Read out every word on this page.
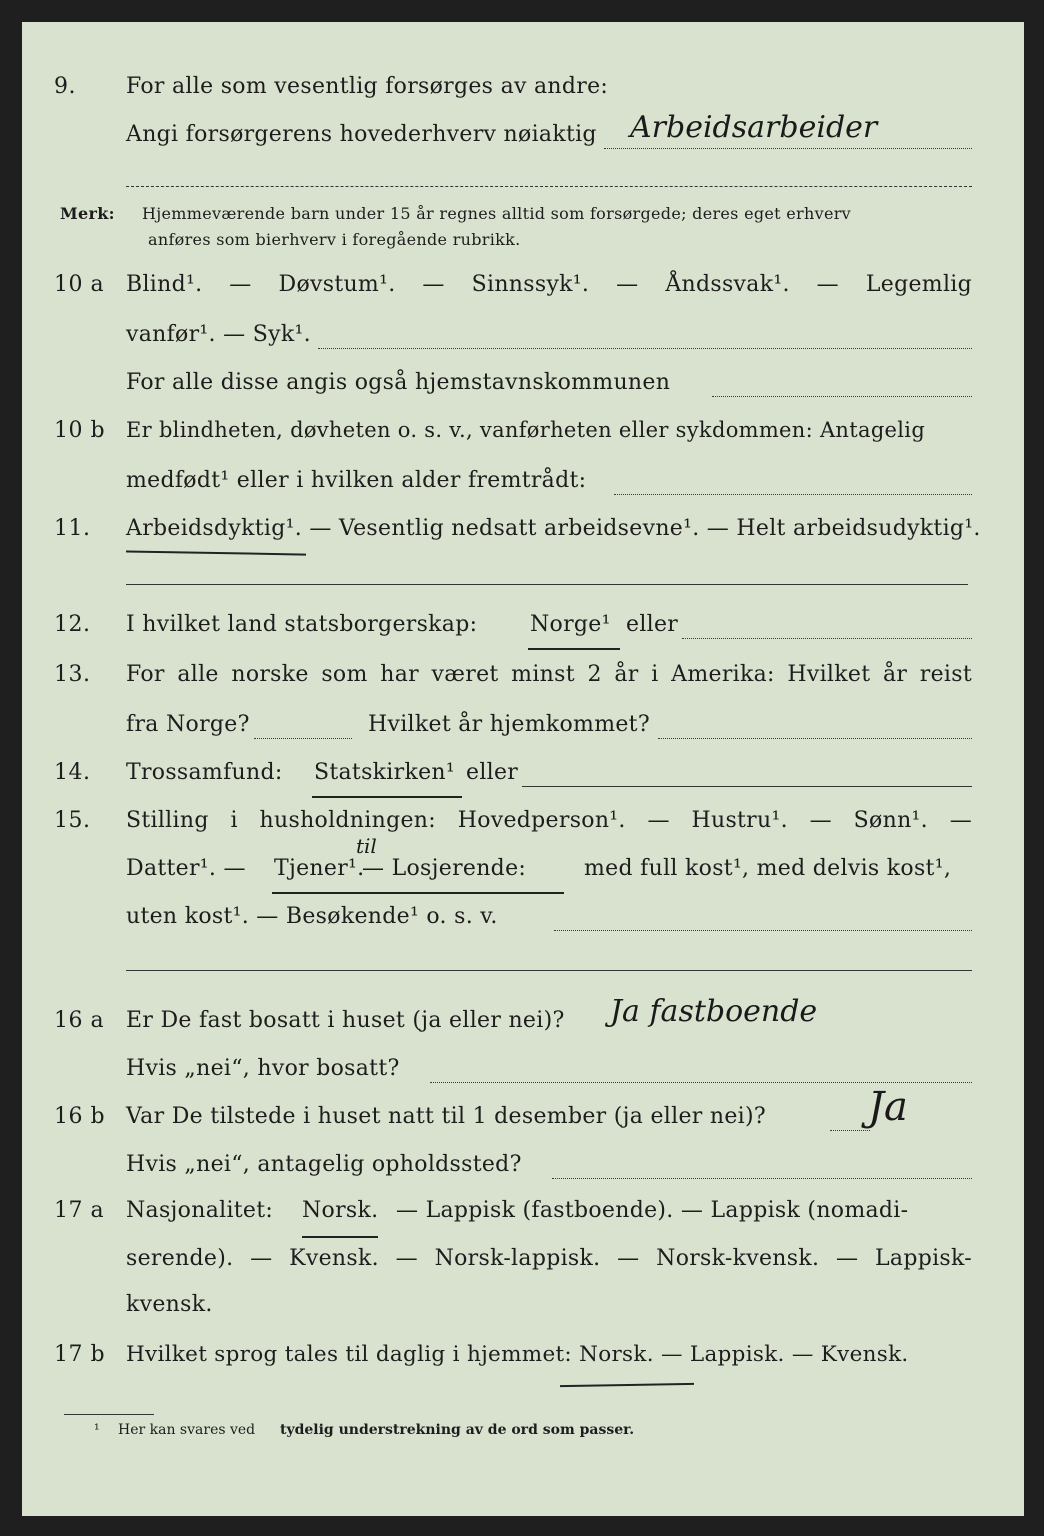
9. For alle som vesentlig forsørges av andre:
Angi forsørgerens hovederhverv nøiaktig Arbeidsarbeider
Merk: Hjemmeværende barn under 15 år regnes alltid som forsørgede; deres eget erhverv
anføres som bierhverv i foregående rubrikk.
10 a Blind¹. — Døvstum¹. — Sinnssyk¹. — Åndssvak¹. — Legemlig
vanfør¹. — Syk¹.
For alle disse angis også hjemstavnskommunen
10 b Er blindheten, døvheten o. s. v., vanførheten eller sykdommen: Antagelig
medfødt¹ eller i hvilken alder fremtrådt:
11. Arbeidsdyktig¹. — Vesentlig nedsatt arbeidsevne¹. — Helt arbeidsudyktig¹.
12. I hvilket land statsborgerskap: Norge¹ eller
13. For alle norske som har været minst 2 år i Amerika: Hvilket år reist
fra Norge?	Hvilket år hjemkommet?
14. Trossamfund: Statskirken¹ eller
15. Stilling i husholdningen: Hovedperson¹. — Hustru¹. — Sønn¹. —
Datter¹. — Tjener¹.
til
— Losjerende:	med full kost¹, med delvis kost¹,
uten kost¹. — Besøkende¹ o. s. v.
16 a Er De fast bosatt i huset (ja eller nei)? Ja fastboende
Hvis „nei“, hvor bosatt?
16 b Var De tilstede i huset natt til 1 desember (ja eller nei)?	Ja
Hvis „nei“, antagelig opholdssted?
17 a Nasjonalitet: Norsk. — Lappisk (fastboende). — Lappisk (nomadi-
serende). — Kvensk. — Norsk-lappisk. — Norsk-kvensk. — Lappisk-
kvensk.
17 b Hvilket sprog tales til daglig i hjemmet: Norsk. — Lappisk. — Kvensk.
¹ Her kan svares ved tydelig understrekning av de ord som passer.
